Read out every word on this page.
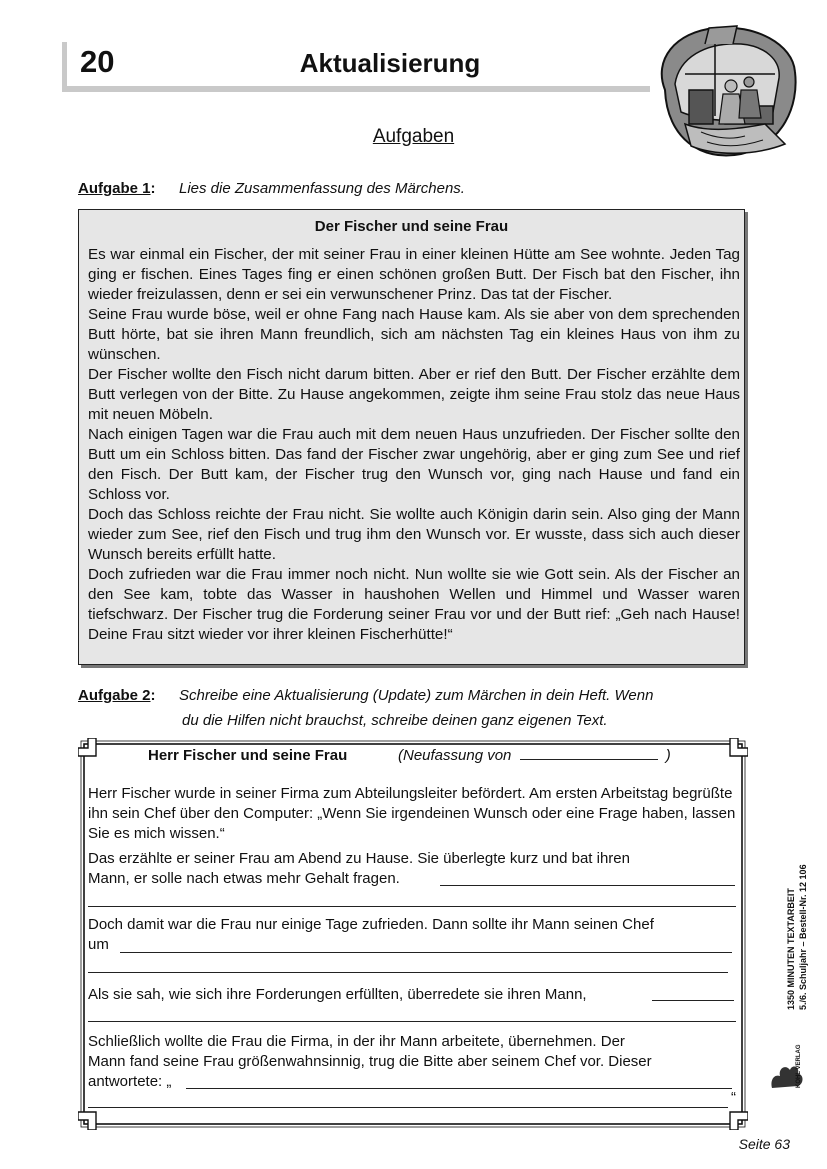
20	Aktualisierung
Aufgaben
Aufgabe 1: Lies die Zusammenfassung des Märchens.
Der Fischer und seine Frau

Es war einmal ein Fischer, der mit seiner Frau in einer kleinen Hütte am See wohnte. Jeden Tag ging er fischen. Eines Tages fing er einen schönen großen Butt. Der Fisch bat den Fischer, ihn wieder freizulassen, denn er sei ein verwunschener Prinz. Das tat der Fischer.

Seine Frau wurde böse, weil er ohne Fang nach Hause kam. Als sie aber von dem sprechenden Butt hörte, bat sie ihren Mann freundlich, sich am nächsten Tag ein kleines Haus von ihm zu wünschen.

Der Fischer wollte den Fisch nicht darum bitten. Aber er rief den Butt. Der Fischer erzählte dem Butt verlegen von der Bitte. Zu Hause angekommen, zeigte ihm seine Frau stolz das neue Haus mit neuen Möbeln.

Nach einigen Tagen war die Frau auch mit dem neuen Haus unzufrieden. Der Fischer sollte den Butt um ein Schloss bitten. Das fand der Fischer zwar ungehörig, aber er ging zum See und rief den Fisch. Der Butt kam, der Fischer trug den Wunsch vor, ging nach Hause und fand ein Schloss vor.

Doch das Schloss reichte der Frau nicht. Sie wollte auch Königin darin sein. Also ging der Mann wieder zum See, rief den Fisch und trug ihm den Wunsch vor. Er wusste, dass sich auch dieser Wunsch bereits erfüllt hatte.

Doch zufrieden war die Frau immer noch nicht. Nun wollte sie wie Gott sein. Als der Fischer an den See kam, tobte das Wasser in haushohen Wellen und Himmel und Wasser waren tiefschwarz. Der Fischer trug die Forderung seiner Frau vor und der Butt rief: „Geh nach Hause! Deine Frau sitzt wieder vor ihrer kleinen Fischerhütte!“

Aufgabe 2: Schreibe eine Aktualisierung (Update) zum Märchen in dein Heft. Wenn
du die Hilfen nicht brauchst, schreibe deinen ganz eigenen Text.
Herr Fischer und seine Frau	(Neufassung von	)
Herr Fischer wurde in seiner Firma zum Abteilungsleiter befördert. Am ersten Arbeitstag begrüßte ihn sein Chef über den Computer: „Wenn Sie irgendeinen Wunsch oder eine Frage haben, lassen Sie es mich wissen.“
Das erzählte er seiner Frau am Abend zu Hause. Sie überlegte kurz und bat ihren
Mann, er solle nach etwas mehr Gehalt fragen.
Doch damit war die Frau nur einige Tage zufrieden. Dann sollte ihr Mann seinen Chef
um
Als sie sah, wie sich ihre Forderungen erfüllten, überredete sie ihren Mann,
Schließlich wollte die Frau die Firma, in der ihr Mann arbeitete, übernehmen. Der
Mann fand seine Frau größenwahnsinnig, trug die Bitte aber seinem Chef vor. Dieser
antwortete: „
“
1350 MINUTEN TEXTARBEIT 5./6. Schuljahr – Bestell-Nr. 12 106
KOHL VERLAG
Seite 63
